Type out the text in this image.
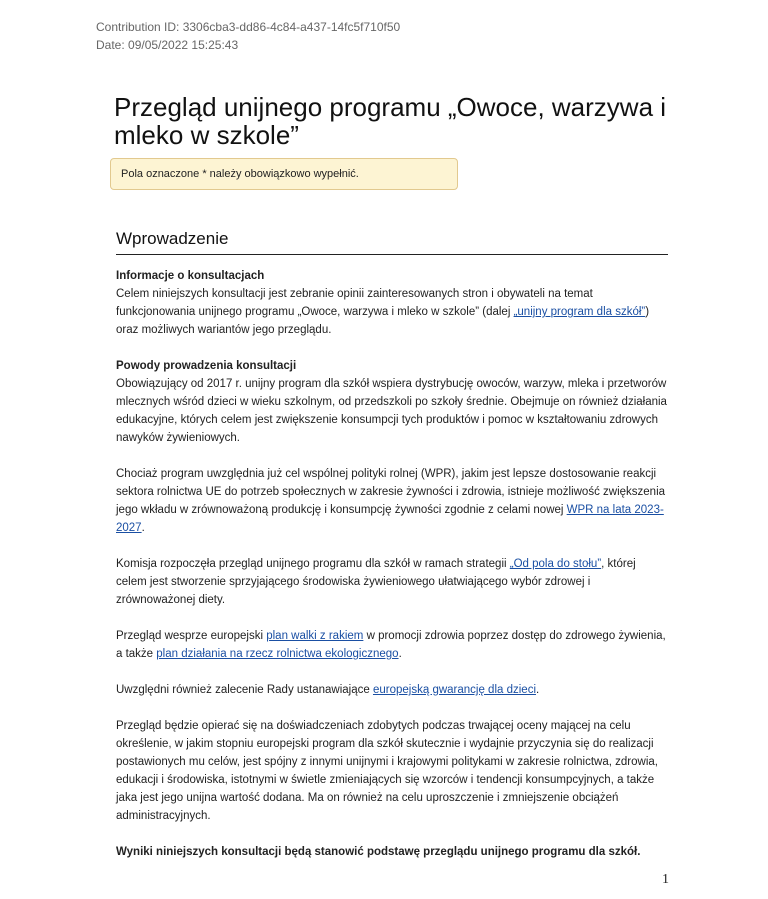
Contribution ID: 3306cba3-dd86-4c84-a437-14fc5f710f50
Date: 09/05/2022 15:25:43
Przegląd unijnego programu „Owoce, warzywa i mleko w szkole”
Pola oznaczone * należy obowiązkowo wypełnić.
Wprowadzenie
Informacje o konsultacjach

Celem niniejszych konsultacji jest zebranie opinii zainteresowanych stron i obywateli na temat funkcjonowania unijnego programu „Owoce, warzywa i mleko w szkole” (dalej „unijny program dla szkół”) oraz możliwych wariantów jego przeglądu.

Powody prowadzenia konsultacji

Obowiązujący od 2017 r. unijny program dla szkół wspiera dystrybucję owoców, warzyw, mleka i przetworów mlecznych wśród dzieci w wieku szkolnym, od przedszkoli po szkoły średnie. Obejmuje on również działania edukacyjne, których celem jest zwiększenie konsumpcji tych produktów i pomoc w kształtowaniu zdrowych nawyków żywieniowych.

Chociaż program uwzględnia już cel wspólnej polityki rolnej (WPR), jakim jest lepsze dostosowanie reakcji sektora rolnictwa UE do potrzeb społecznych w zakresie żywności i zdrowia, istnieje możliwość zwiększenia jego wkładu w zrównoważoną produkcję i konsumpcję żywności zgodnie z celami nowej WPR na lata 2023-2027.

Komisja rozpoczęła przegląd unijnego programu dla szkół w ramach strategii „Od pola do stołu”, której celem jest stworzenie sprzyjającego środowiska żywieniowego ułatwiającego wybór zdrowej i zrównoważonej diety.

Przegląd wesprze europejski plan walki z rakiem w promocji zdrowia poprzez dostęp do zdrowego żywienia, a także plan działania na rzecz rolnictwa ekologicznego.

Uwzględni również zalecenie Rady ustanawiające europejską gwarancję dla dzieci.

Przegląd będzie opierać się na doświadczeniach zdobytych podczas trwającej oceny mającej na celu określenie, w jakim stopniu europejski program dla szkół skutecznie i wydajnie przyczynia się do realizacji postawionych mu celów, jest spójny z innymi unijnymi i krajowymi politykami w zakresie rolnictwa, zdrowia, edukacji i środowiska, istotnymi w świetle zmieniających się wzorców i tendencji konsumpcyjnych, a także jaka jest jego unijna wartość dodana. Ma on również na celu uproszczenie i zmniejszenie obciążeń administracyjnych.

Wyniki niniejszych konsultacji będą stanowić podstawę przeglądu unijnego programu dla szkół.

1
